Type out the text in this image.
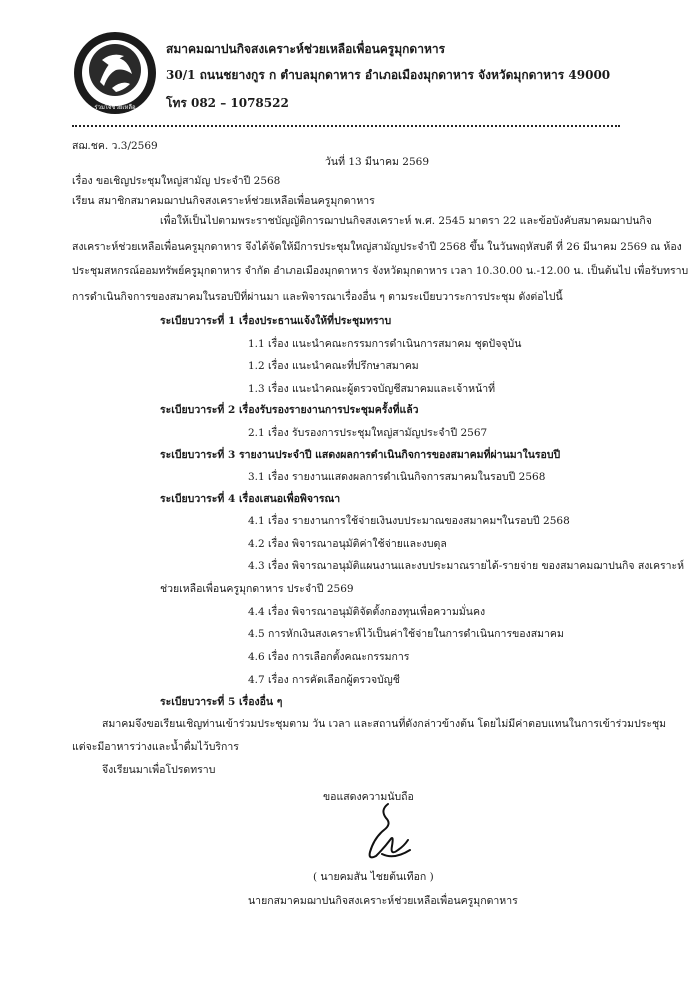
ร่วมใจช่วยเหลือ
สมาคมฌาปนกิจสงเคราะห์ช่วยเหลือเพื่อนครูมุกดาหาร
30/1 ถนนชยางกูร ก ตำบลมุกดาหาร อำเภอเมืองมุกดาหาร จังหวัดมุกดาหาร 49000
โทร 082 – 1078522
สฌ.ชค. ว.3/2569
วันที่ 13 มีนาคม 2569
เรื่อง ขอเชิญประชุมใหญ่สามัญ ประจำปี 2568
เรียน สมาชิกสมาคมฌาปนกิจสงเคราะห์ช่วยเหลือเพื่อนครูมุกดาหาร
เพื่อให้เป็นไปตามพระราชบัญญัติการฌาปนกิจสงเคราะห์ พ.ศ. 2545 มาตรา 22 และข้อบังคับสมาคมฌาปนกิจ
สงเคราะห์ช่วยเหลือเพื่อนครูมุกดาหาร จึงได้จัดให้มีการประชุมใหญ่สามัญประจำปี 2568 ขึ้น ในวันพฤหัสบดี ที่ 26 มีนาคม 2569 ณ ห้อง
ประชุมสหกรณ์ออมทรัพย์ครูมุกดาหาร จำกัด อำเภอเมืองมุกดาหาร จังหวัดมุกดาหาร เวลา 10.30.00 น.-12.00 น. เป็นต้นไป เพื่อรับทราบ
การดำเนินกิจการของสมาคมในรอบปีที่ผ่านมา และพิจารณาเรื่องอื่น ๆ ตามระเบียบวาระการประชุม ดังต่อไปนี้
ระเบียบวาระที่ 1 เรื่องประธานแจ้งให้ที่ประชุมทราบ
1.1 เรื่อง แนะนำคณะกรรมการดำเนินการสมาคม ชุดปัจจุบัน
1.2 เรื่อง แนะนำคณะที่ปรึกษาสมาคม
1.3 เรื่อง แนะนำคณะผู้ตรวจบัญชีสมาคมและเจ้าหน้าที่
ระเบียบวาระที่ 2 เรื่องรับรองรายงานการประชุมครั้งที่แล้ว
2.1 เรื่อง รับรองการประชุมใหญ่สามัญประจำปี 2567
ระเบียบวาระที่ 3 รายงานประจำปี แสดงผลการดำเนินกิจการของสมาคมที่ผ่านมาในรอบปี
3.1 เรื่อง รายงานแสดงผลการดำเนินกิจการสมาคมในรอบปี 2568
ระเบียบวาระที่ 4 เรื่องเสนอเพื่อพิจารณา
4.1 เรื่อง รายงานการใช้จ่ายเงินงบประมาณของสมาคมฯในรอบปี 2568
4.2 เรื่อง พิจารณาอนุมัติค่าใช้จ่ายและงบดุล
4.3 เรื่อง พิจารณาอนุมัติแผนงานและงบประมาณรายได้-รายจ่าย ของสมาคมฌาปนกิจ สงเคราะห์
ช่วยเหลือเพื่อนครูมุกดาหาร ประจำปี 2569
4.4 เรื่อง พิจารณาอนุมัติจัดตั้งกองทุนเพื่อความมั่นคง
4.5 การหักเงินสงเคราะห์ไว้เป็นค่าใช้จ่ายในการดำเนินการของสมาคม
4.6 เรื่อง การเลือกตั้งคณะกรรมการ
4.7 เรื่อง การคัดเลือกผู้ตรวจบัญชี
ระเบียบวาระที่ 5 เรื่องอื่น ๆ
สมาคมจึงขอเรียนเชิญท่านเข้าร่วมประชุมตาม วัน เวลา และสถานที่ดังกล่าวข้างต้น โดยไม่มีค่าตอบแทนในการเข้าร่วมประชุม
แต่จะมีอาหารว่างและน้ำดื่มไว้บริการ
จึงเรียนมาเพื่อโปรดทราบ
ขอแสดงความนับถือ
( นายคมสัน ไชยต้นเทือก )
นายกสมาคมฌาปนกิจสงเคราะห์ช่วยเหลือเพื่อนครูมุกดาหาร
